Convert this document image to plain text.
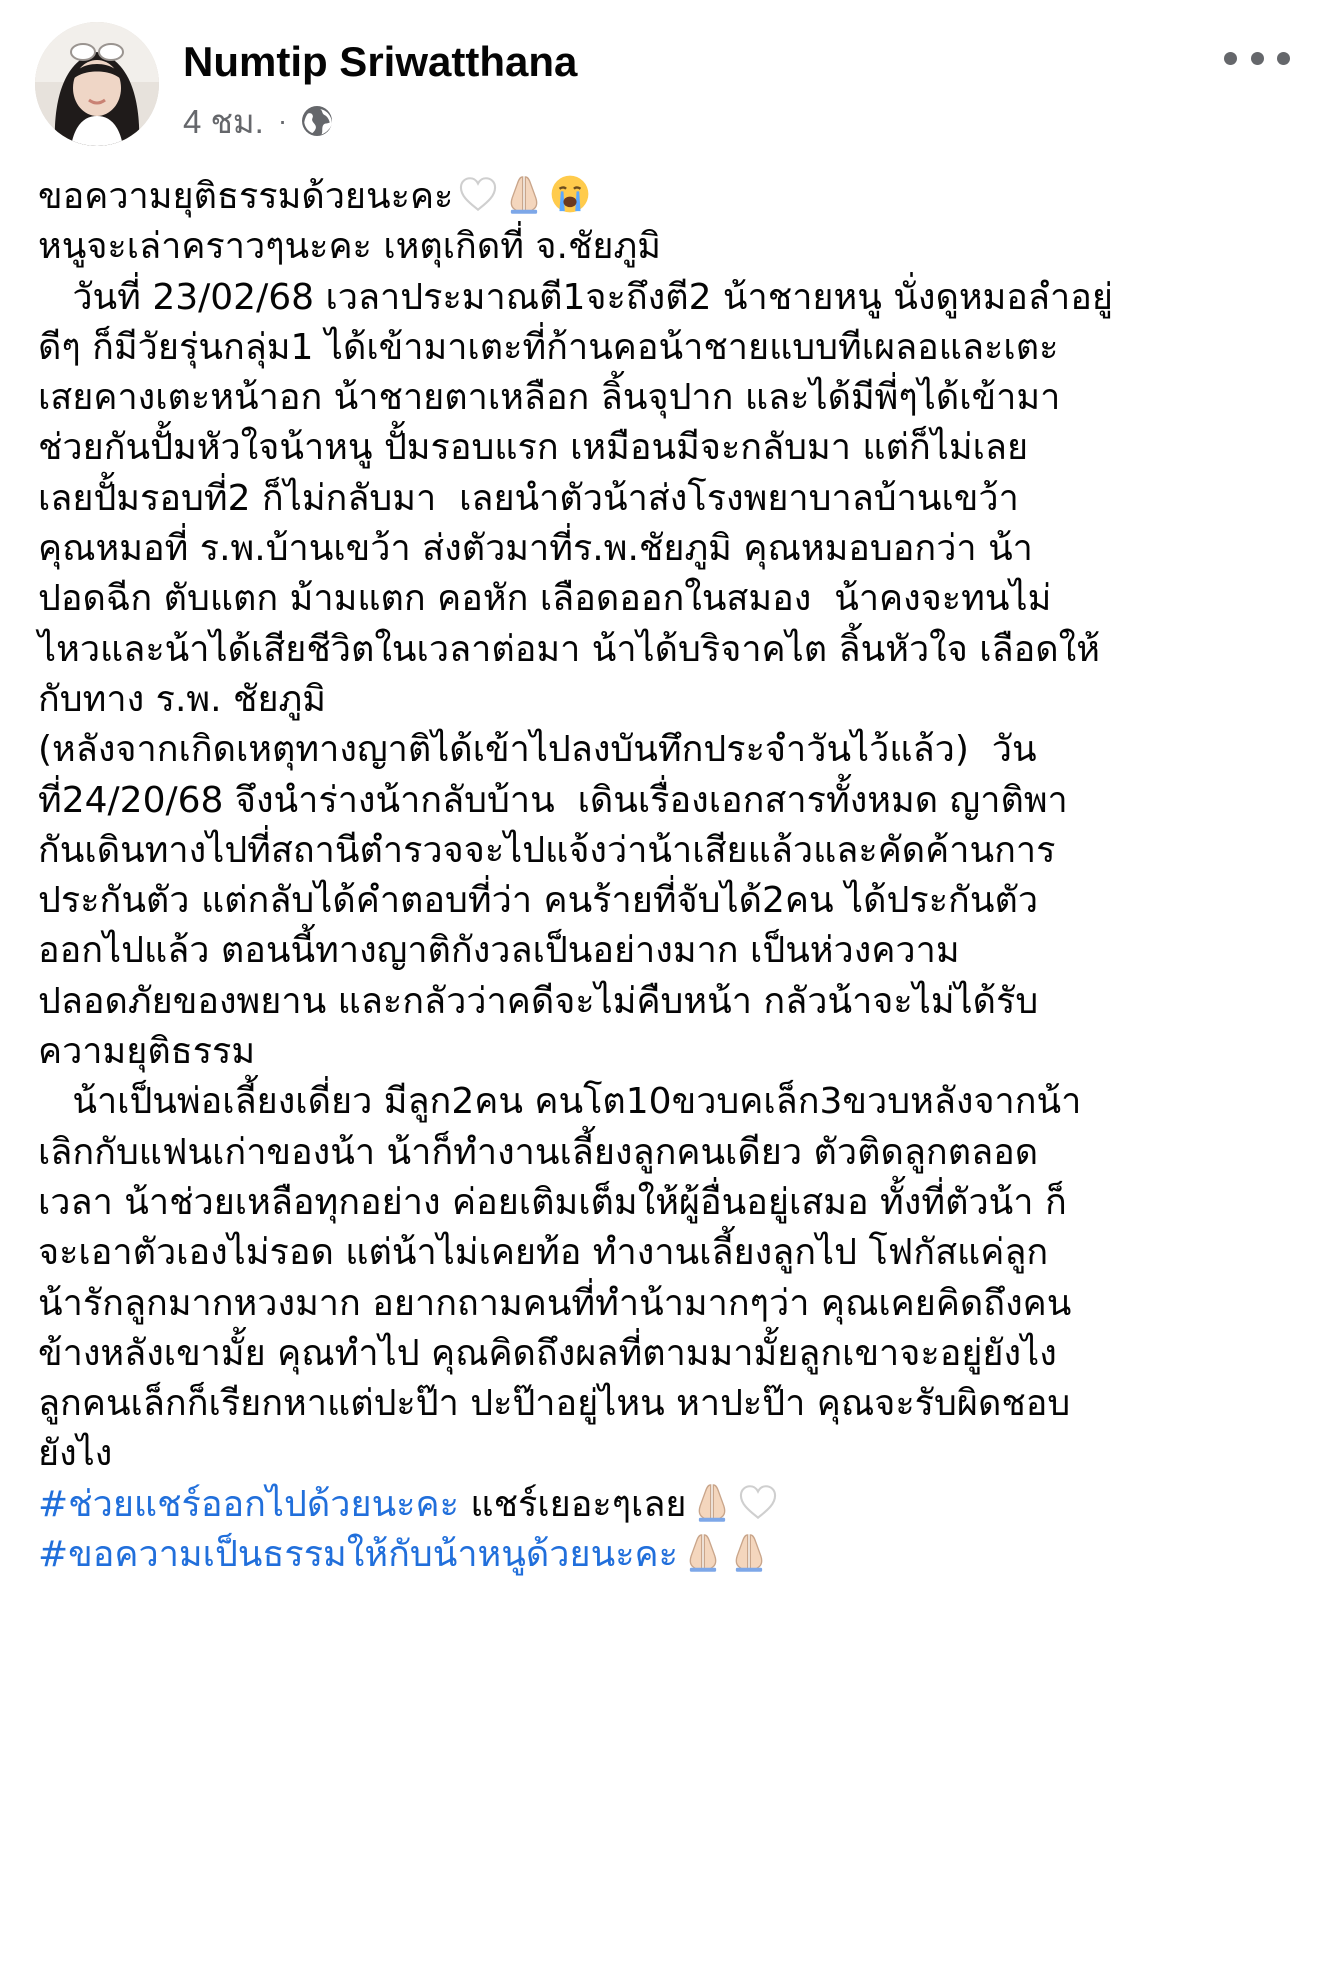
Numtip Sriwatthana
4 ชม. ·

ขอความยุติธรรมด้วยนะคะ

หนูจะเล่าคราวๆนะคะ เหตุเกิดที่ จ.ชัยภูมิ

วันที่ 23/02/68 เวลาประมาณตี1จะถึงตี2 น้าชายหนู นั่งดูหมอลำอยู่

ดีๆ ก็มีวัยรุ่นกลุ่ม1 ได้เข้ามาเตะที่ก้านคอน้าชายแบบทีเผลอและเตะ

เสยคางเตะหน้าอก น้าชายตาเหลือก ลิ้นจุปาก และได้มีพี่ๆได้เข้ามา

ช่วยกันปั้มหัวใจน้าหนู ปั้มรอบแรก เหมือนมีจะกลับมา แต่ก็ไม่เลย

เลยปั้มรอบที่2 ก็ไม่กลับมา  เลยนำตัวน้าส่งโรงพยาบาลบ้านเขว้า

คุณหมอที่ ร.พ.บ้านเขว้า ส่งตัวมาที่ร.พ.ชัยภูมิ คุณหมอบอกว่า น้า

ปอดฉีก ตับแตก ม้ามแตก คอหัก เลือดออกในสมอง  น้าคงจะทนไม่

ไหวและน้าได้เสียชีวิตในเวลาต่อมา น้าได้บริจาคไต ลิ้นหัวใจ เลือดให้

กับทาง ร.พ. ชัยภูมิ

(หลังจากเกิดเหตุทางญาติได้เข้าไปลงบันทึกประจำวันไว้แล้ว)  วัน

ที่24/20/68 จึงนำร่างน้ากลับบ้าน  เดินเรื่องเอกสารทั้งหมด ญาติพา

กันเดินทางไปที่สถานีตำรวจจะไปแจ้งว่าน้าเสียแล้วและคัดค้านการ

ประกันตัว แต่กลับได้คำตอบที่ว่า คนร้ายที่จับได้2คน ได้ประกันตัว

ออกไปแล้ว ตอนนี้ทางญาติกังวลเป็นอย่างมาก เป็นห่วงความ

ปลอดภัยของพยาน และกลัวว่าคดีจะไม่คืบหน้า กลัวน้าจะไม่ได้รับ

ความยุติธรรม

น้าเป็นพ่อเลี้ยงเดี่ยว มีลูก2คน คนโต10ขวบคเล็ก3ขวบหลังจากน้า

เลิกกับแฟนเก่าของน้า น้าก็ทำงานเลี้ยงลูกคนเดียว ตัวติดลูกตลอด

เวลา น้าช่วยเหลือทุกอย่าง ค่อยเติมเต็มให้ผู้อื่นอยู่เสมอ ทั้งที่ตัวน้า ก็

จะเอาตัวเองไม่รอด แต่น้าไม่เคยท้อ ทำงานเลี้ยงลูกไป โฟกัสแค่ลูก

น้ารักลูกมากหวงมาก อยากถามคนที่ทำน้ามากๆว่า คุณเคยคิดถึงคน

ข้างหลังเขามั้ย คุณทำไป คุณคิดถึงผลที่ตามมามั้ยลูกเขาจะอยู่ยังไง

ลูกคนเล็กก็เรียกหาแต่ปะป๊า ปะป๊าอยู่ไหน หาปะป๊า คุณจะรับผิดชอบ

ยังไง

#ช่วยแชร์ออกไปด้วยนะคะ แชร์เยอะๆเลย

#ขอความเป็นธรรมให้กับน้าหนูด้วยนะคะ
